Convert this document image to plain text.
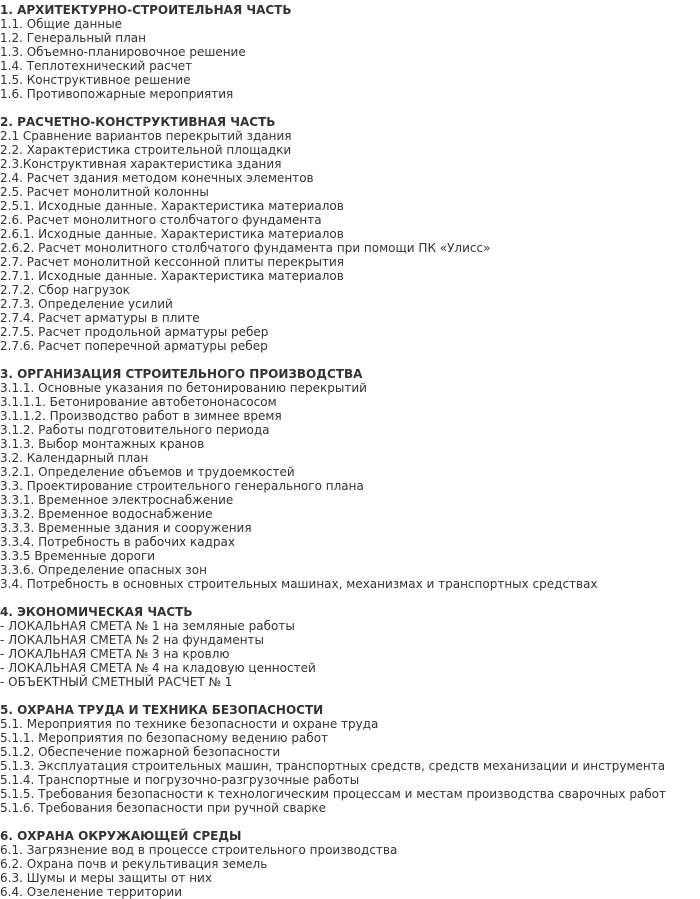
1. АРХИТЕКТУРНО-СТРОИТЕЛЬНАЯ ЧАСТЬ
1.1. Общие данные
1.2. Генеральный план
1.3. Объемно-планировочное решение
1.4. Теплотехнический расчет
1.5. Конструктивное решение
1.6. Противопожарные мероприятия
2. РАСЧЕТНО-КОНСТРУКТИВНАЯ ЧАСТЬ
2.1 Сравнение вариантов перекрытий здания
2.2. Характеристика строительной площадки
2.3.Конструктивная характеристика здания
2.4. Расчет здания методом конечных элементов
2.5. Расчет монолитной колонны
2.5.1. Исходные данные. Характеристика материалов
2.6. Расчет монолитного столбчатого фундамента
2.6.1. Исходные данные. Характеристика материалов
2.6.2. Расчет монолитного столбчатого фундамента при помощи ПК «Улисс»
2.7. Расчет монолитной кессонной плиты перекрытия
2.7.1. Исходные данные. Характеристика материалов
2.7.2. Сбор нагрузок
2.7.3. Определение усилий
2.7.4. Расчет арматуры в плите
2.7.5. Расчет продольной арматуры ребер
2.7.6. Расчет поперечной арматуры ребер
3. ОРГАНИЗАЦИЯ СТРОИТЕЛЬНОГО ПРОИЗВОДСТВА
3.1.1. Основные указания по бетонированию перекрытий
3.1.1.1. Бетонирование автобетононасосом
3.1.1.2. Производство работ в зимнее время
3.1.2. Работы подготовительного периода
3.1.3. Выбор монтажных кранов
3.2. Календарный план
3.2.1. Определение объемов и трудоемкостей
3.3. Проектирование строительного генерального плана
3.3.1. Временное электроснабжение
3.3.2. Временное водоснабжение
3.3.3. Временные здания и сооружения
3.3.4. Потребность в рабочих кадрах
3.3.5 Временные дороги
3.3.6. Определение опасных зон
3.4. Потребность в основных строительных машинах, механизмах и транспортных средствах
4. ЭКОНОМИЧЕСКАЯ ЧАСТЬ
- ЛОКАЛЬНАЯ СМЕТА № 1 на земляные работы
- ЛОКАЛЬНАЯ СМЕТА № 2 на фундаменты
- ЛОКАЛЬНАЯ СМЕТА № 3 на кровлю
- ЛОКАЛЬНАЯ СМЕТА № 4 на кладовую ценностей
- ОБЪЕКТНЫЙ СМЕТНЫЙ РАСЧЕТ № 1
5. ОХРАНА ТРУДА И ТЕХНИКА БЕЗОПАСНОСТИ
5.1. Мероприятия по технике безопасности и охране труда
5.1.1. Мероприятия по безопасному ведению работ
5.1.2. Обеспечение пожарной безопасности
5.1.3. Эксплуатация строительных машин, транспортных средств, средств механизации и инструмента
5.1.4. Транспортные и погрузочно-разгрузочные работы
5.1.5. Требования безопасности к технологическим процессам и местам производства сварочных работ
5.1.6. Требования безопасности при ручной сварке
6. ОХРАНА ОКРУЖАЮЩЕЙ СРЕДЫ
6.1. Загрязнение вод в процессе строительного производства
6.2. Охрана почв и рекультивация земель
6.3. Шумы и меры защиты от них
6.4. Озеленение территории
